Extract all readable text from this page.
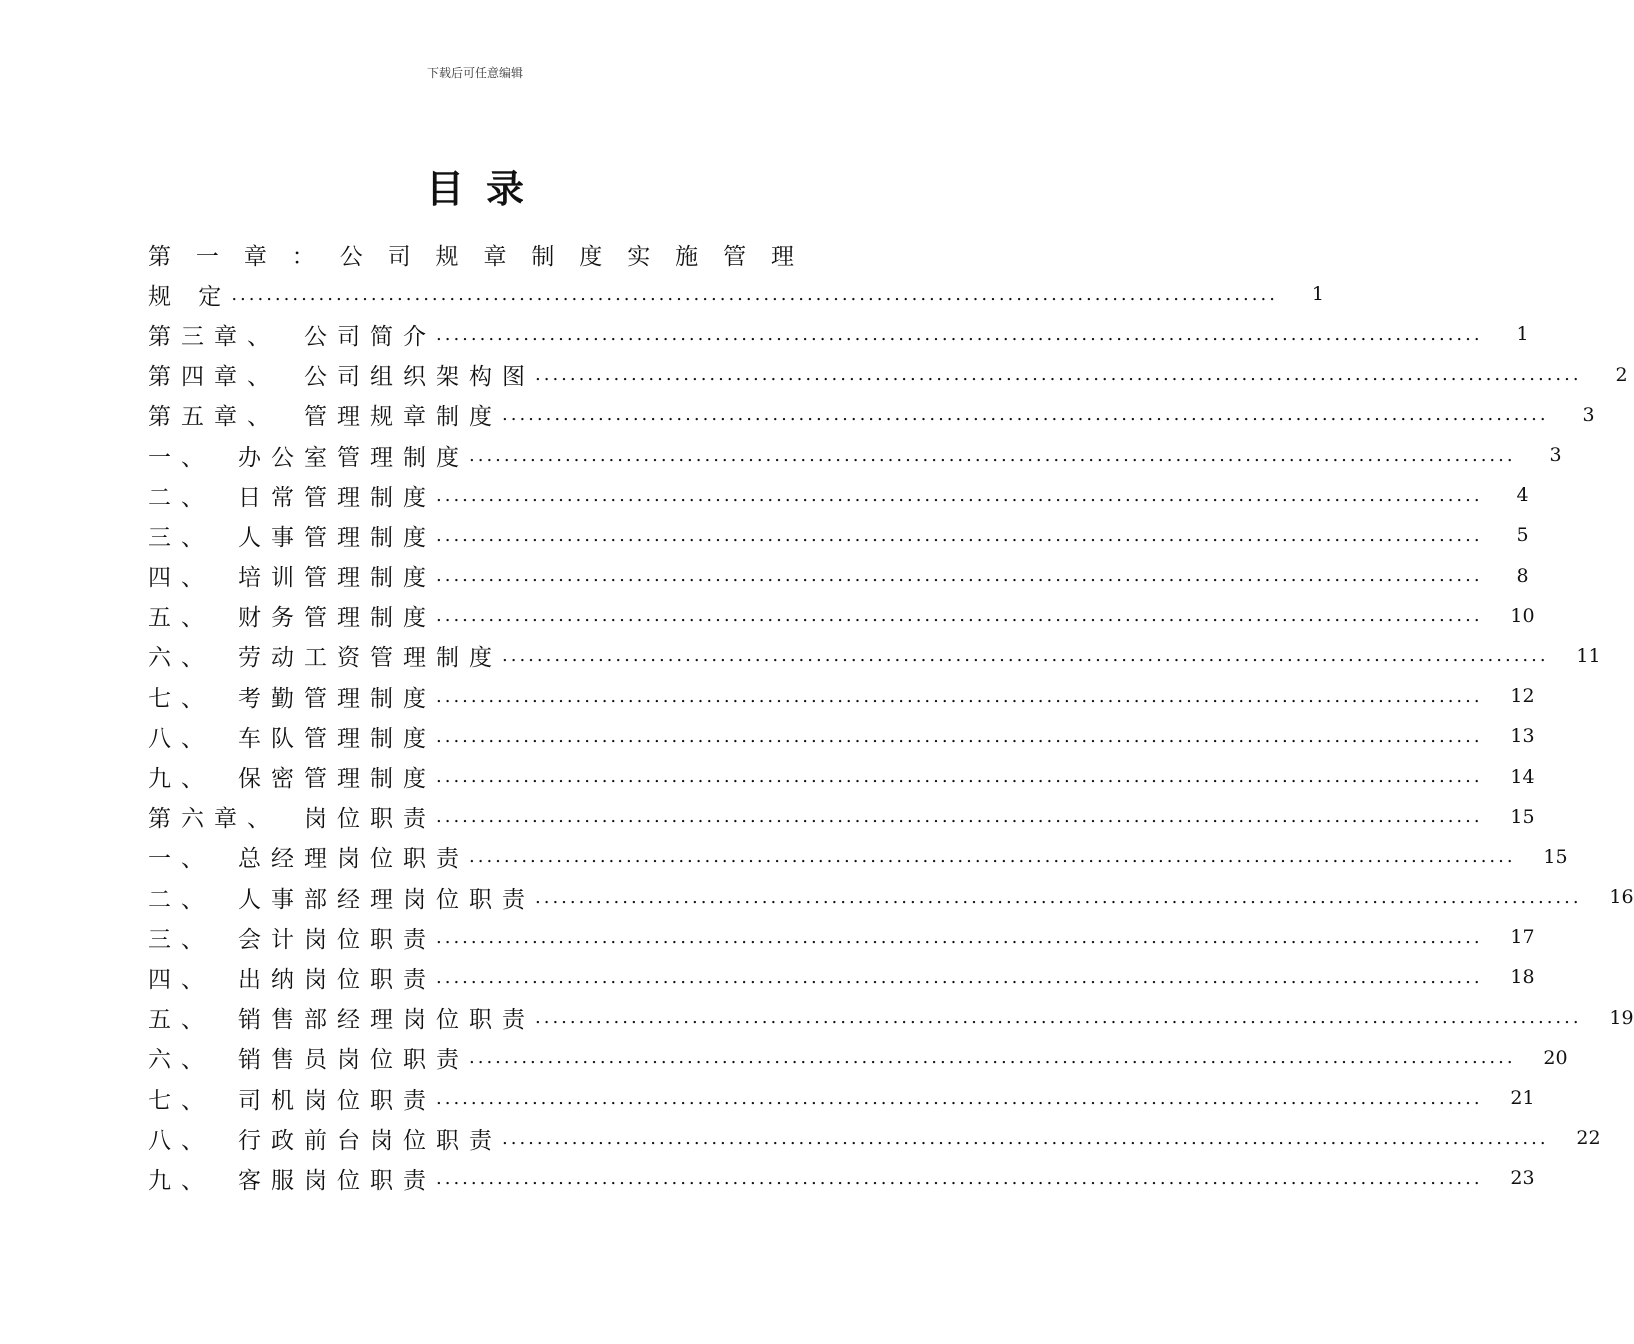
下载后可任意编辑
目录
第 一 章 ： 公 司 规 章 制 度 实 施 管 理
规 定 ........................................................................................................................	1
第三章、 公司简介 ........................................................................................................................	1
第四章、 公司组织架构图 ........................................................................................................................	2
第五章、 管理规章制度 ........................................................................................................................	3
一、 办公室管理制度 ........................................................................................................................	3
二、 日常管理制度 ........................................................................................................................	4
三、 人事管理制度 ........................................................................................................................	5
四、 培训管理制度 ........................................................................................................................	8
五、 财务管理制度 ........................................................................................................................	10
六、 劳动工资管理制度 ........................................................................................................................	11
七、 考勤管理制度 ........................................................................................................................	12
八、 车队管理制度 ........................................................................................................................	13
九、 保密管理制度 ........................................................................................................................	14
第六章、 岗位职责 ........................................................................................................................	15
一、 总经理岗位职责 ........................................................................................................................	15
二、 人事部经理岗位职责 ........................................................................................................................	16
三、 会计岗位职责 ........................................................................................................................	17
四、 出纳岗位职责 ........................................................................................................................	18
五、 销售部经理岗位职责 ........................................................................................................................	19
六、 销售员岗位职责 ........................................................................................................................	20
七、 司机岗位职责 ........................................................................................................................	21
八、 行政前台岗位职责 ........................................................................................................................	22
九、 客服岗位职责 ........................................................................................................................	23
